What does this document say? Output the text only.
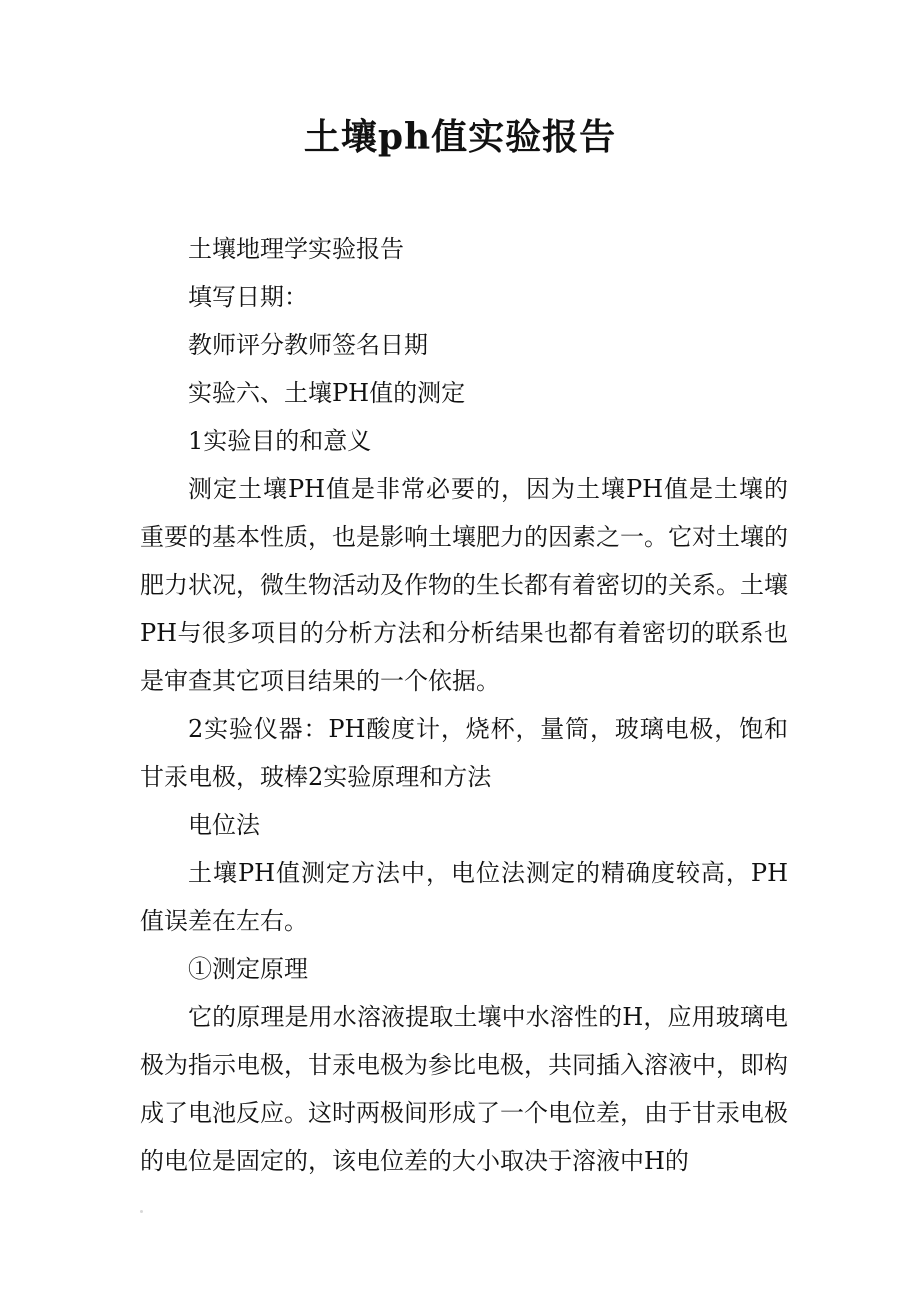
土壤ph值实验报告

土壤地理学实验报告

填写日期：

教师评分教师签名日期

实验六、土壤PH值的测定

1实验目的和意义

测定土壤PH值是非常必要的，因为土壤PH值是土壤的重要的基本性质，也是影响土壤肥力的因素之一。它对土壤的肥力状况，微生物活动及作物的生长都有着密切的关系。土壤PH与很多项目的分析方法和分析结果也都有着密切的联系也是审查其它项目结果的一个依据。

2实验仪器：PH酸度计，烧杯，量筒，玻璃电极，饱和甘汞电极，玻棒2实验原理和方法

电位法

土壤PH值测定方法中，电位法测定的精确度较高，PH值误差在左右。

①测定原理

它的原理是用水溶液提取土壤中水溶性的H，应用玻璃电极为指示电极，甘汞电极为参比电极，共同插入溶液中，即构成了电池反应。这时两极间形成了一个电位差，由于甘汞电极的电位是固定的，该电位差的大小取决于溶液中H的
